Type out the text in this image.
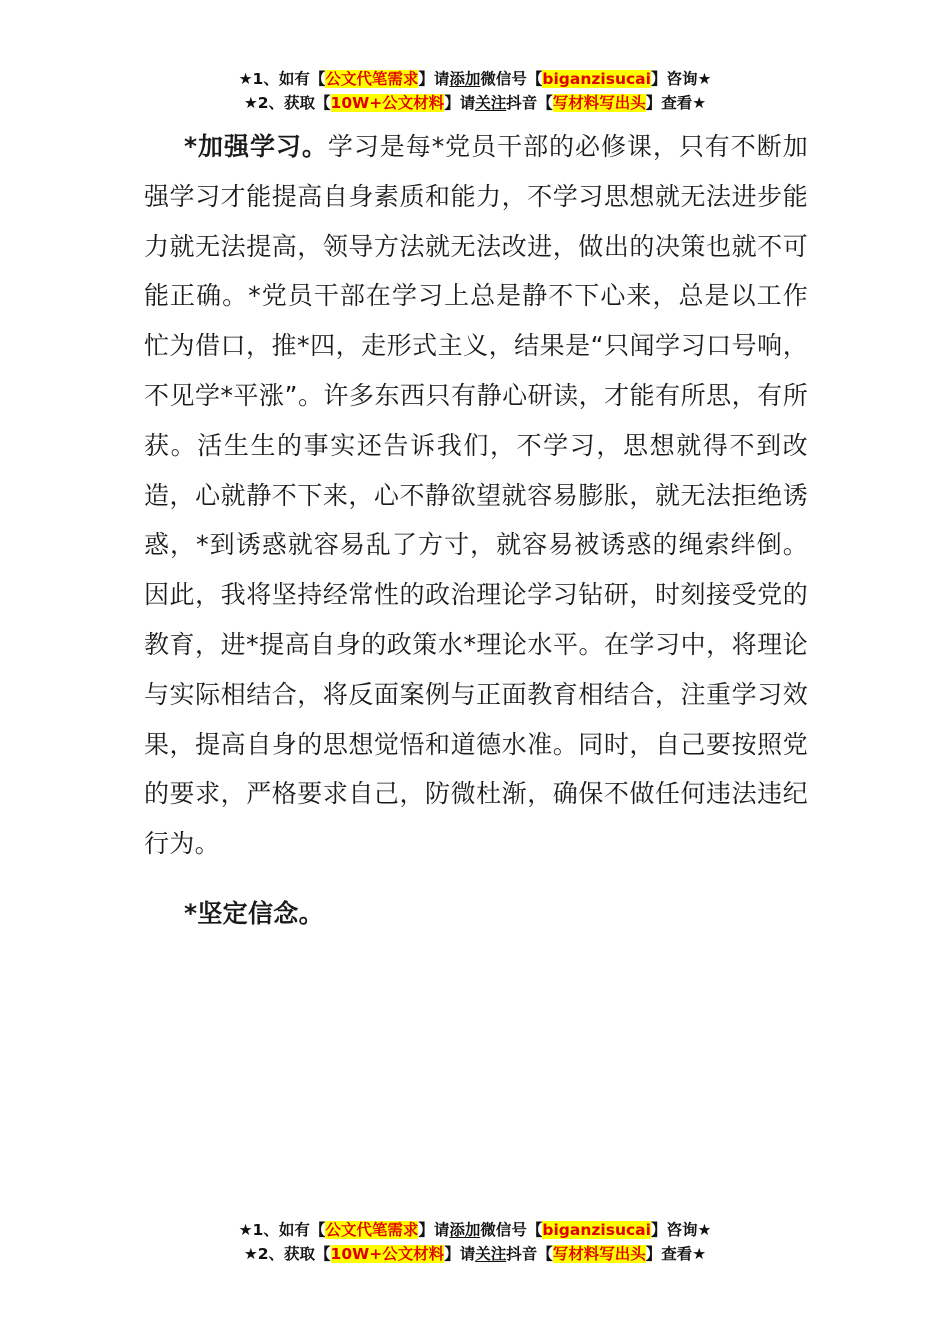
★1、如有【公文代笔需求】请添加微信号【biganzisucai】咨询★
★2、获取【10W+公文材料】请关注抖音【写材料写出头】查看★

*加强学习。学习是每*党员干部的必修课，只有不断加强学习才能提高自身素质和能力，不学习思想就无法进步能力就无法提高，领导方法就无法改进，做出的决策也就不可能正确。*党员干部在学习上总是静不下心来，总是以工作忙为借口，推*四，走形式主义，结果是“只闻学习口号响，不见学*平涨”。许多东西只有静心研读，才能有所思，有所获。活生生的事实还告诉我们，不学习，思想就得不到改造，心就静不下来，心不静欲望就容易膨胀，就无法拒绝诱惑，*到诱惑就容易乱了方寸，就容易被诱惑的绳索绊倒。因此，我将坚持经常性的政治理论学习钻研，时刻接受党的教育，进*提高自身的政策水*理论水平。在学习中，将理论与实际相结合，将反面案例与正面教育相结合，注重学习效果，提高自身的思想觉悟和道德水准。同时，自己要按照党的要求，严格要求自己，防微杜渐，确保不做任何违法违纪行为。

*坚定信念。

★1、如有【公文代笔需求】请添加微信号【biganzisucai】咨询★
★2、获取【10W+公文材料】请关注抖音【写材料写出头】查看★
